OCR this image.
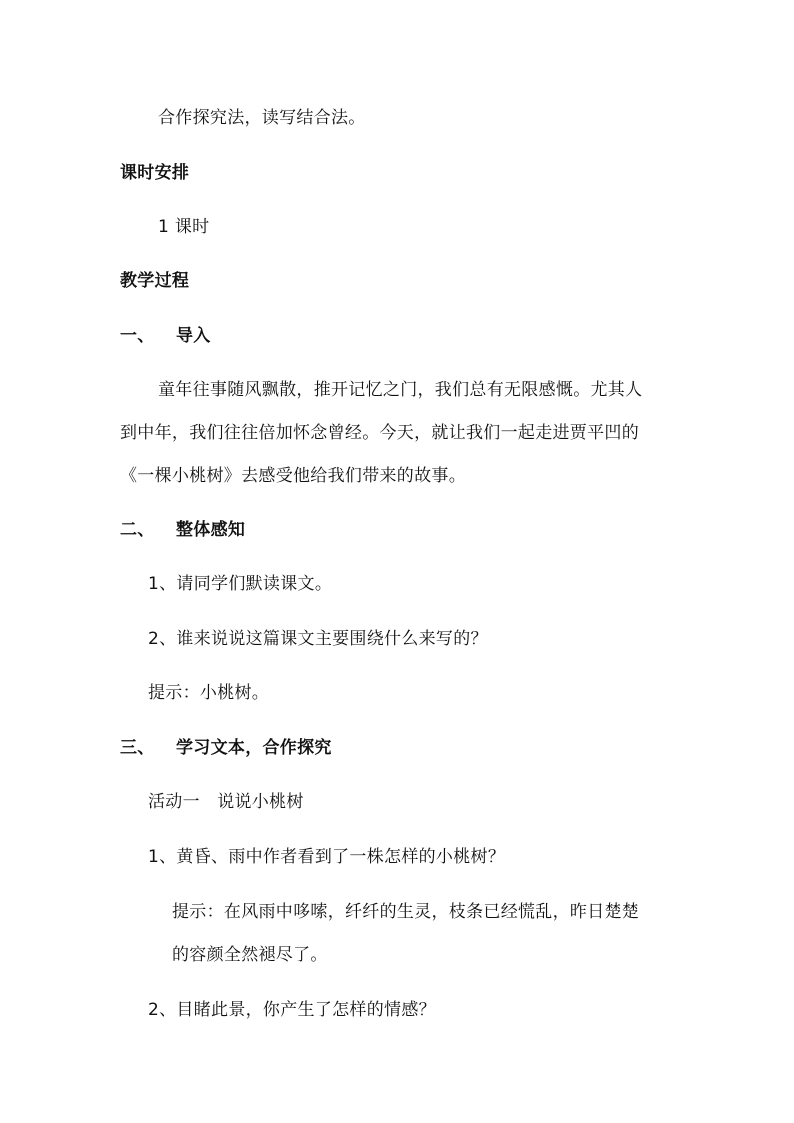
合作探究法，读写结合法。
课时安排
1 课时
教学过程
一、 导入
童年往事随风飘散，推开记忆之门，我们总有无限感慨。尤其人
到中年，我们往往倍加怀念曾经。今天，就让我们一起走进贾平凹的
《一棵小桃树》去感受他给我们带来的故事。
二、 整体感知
1、请同学们默读课文。
2、谁来说说这篇课文主要围绕什么来写的？
提示：小桃树。
三、 学习文本，合作探究
活动一　说说小桃树
1、黄昏、雨中作者看到了一株怎样的小桃树？
提示：在风雨中哆嗦，纤纤的生灵，枝条已经慌乱，昨日楚楚
的容颜全然褪尽了。
2、目睹此景，你产生了怎样的情感？
